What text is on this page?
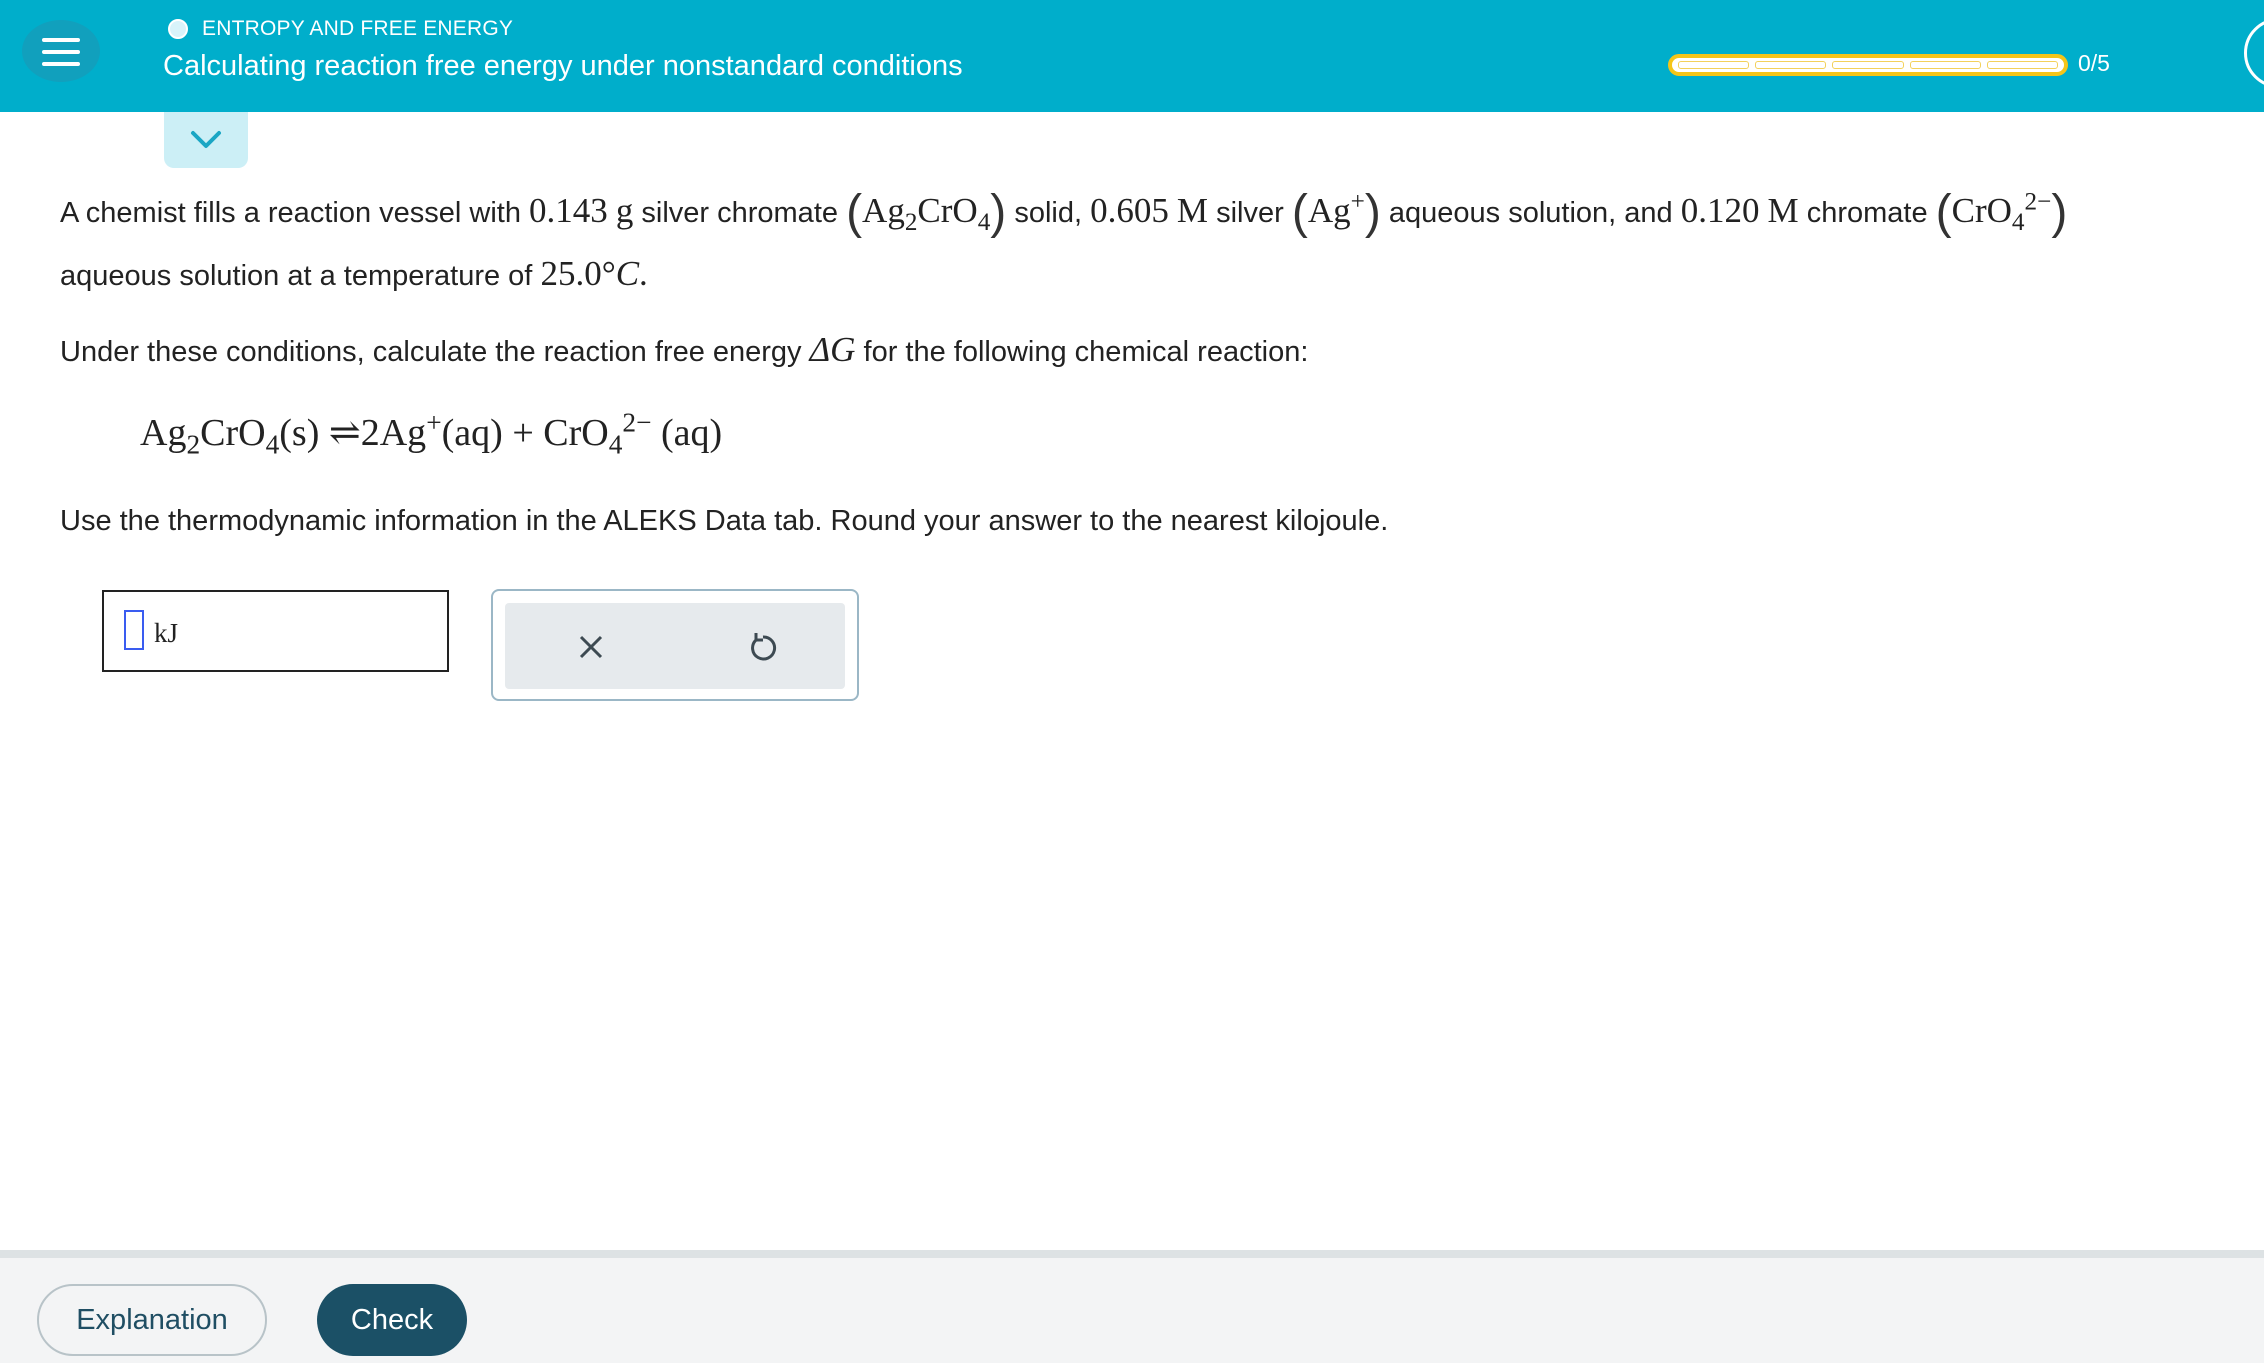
ENTROPY AND FREE ENERGY
Calculating reaction free energy under nonstandard conditions	0/5
A chemist fills a reaction vessel with 0.143 g silver chromate $(Ag_2CrO_4)$ solid, 0.605 M silver (Ag+) aqueous solution, and 0.120 M chromate (CrO$_4^{2-}$)
aqueous solution at a temperature of 25.0°C.
Under these conditions, calculate the reaction free energy ΔG for the following chemical reaction:
$Ag_2CrO_4(s)$ ⇌2Ag+(aq) + CrO$_4^{2-}$ (aq)
Use the thermodynamic information in the ALEKS Data tab. Round your answer to the nearest kilojoule.
kJ
Explanation	Check
